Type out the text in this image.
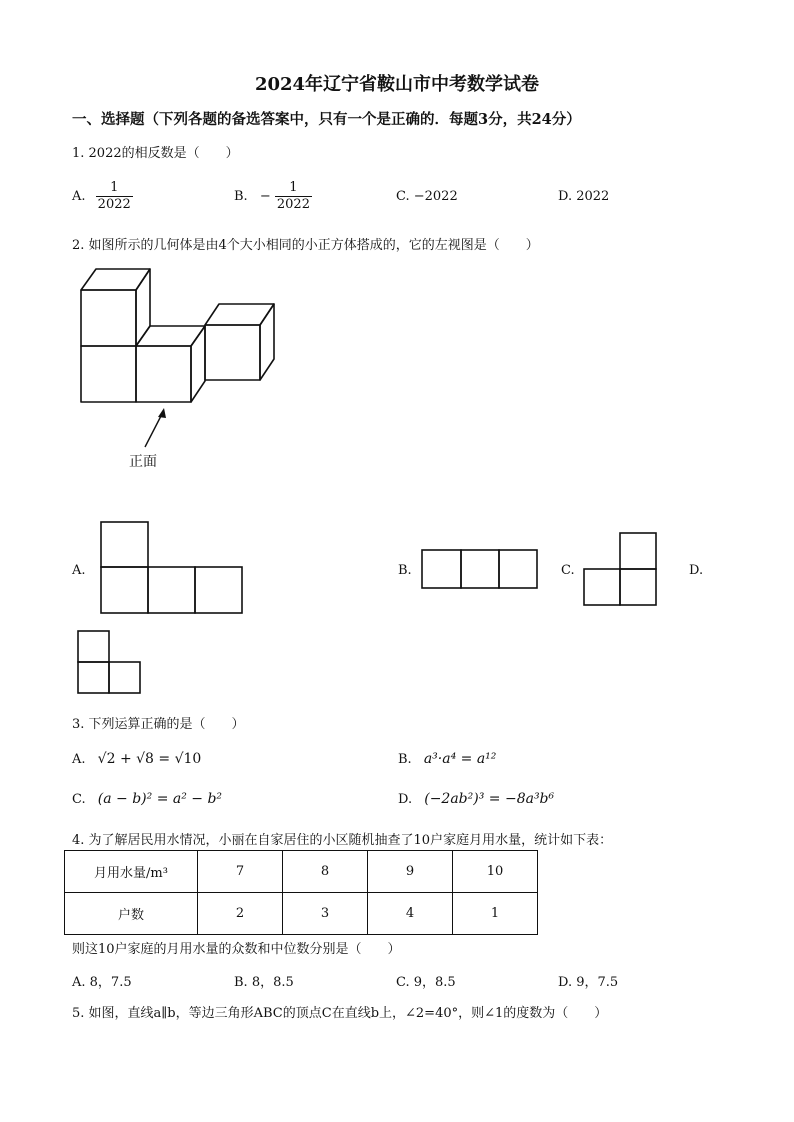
2024年辽宁省鞍山市中考数学试卷
一、选择题（下列各题的备选答案中，只有一个是正确的．每题3分，共24分）
1. 2022的相反数是（　　）
A. $\frac{1}{2022}$	B. − $\frac{1}{2022}$	C. −2022	D. 2022
2. 如图所示的几何体是由4个大小相同的小正方体搭成的，它的左视图是（　　）
正面
A.	B.	C.	D.
3. 下列运算正确的是（　　）
A. √2 + √8 = √10	B. a³·a⁴ = a¹²
C. (a − b)² = a² − b²	D. (−2ab²)³ = −8a³b⁶
4. 为了解居民用水情况，小丽在自家居住的小区随机抽查了10户家庭月用水量，统计如下表：
月用水量/m³	7	8	9	10
户数	2	3	4	1
则这10户家庭的月用水量的众数和中位数分别是（　　）
A. 8，7.5	B. 8，8.5	C. 9，8.5	D. 9，7.5
5. 如图，直线a∥b，等边三角形ABC的顶点C在直线b上，∠2=40°，则∠1的度数为（　　）
